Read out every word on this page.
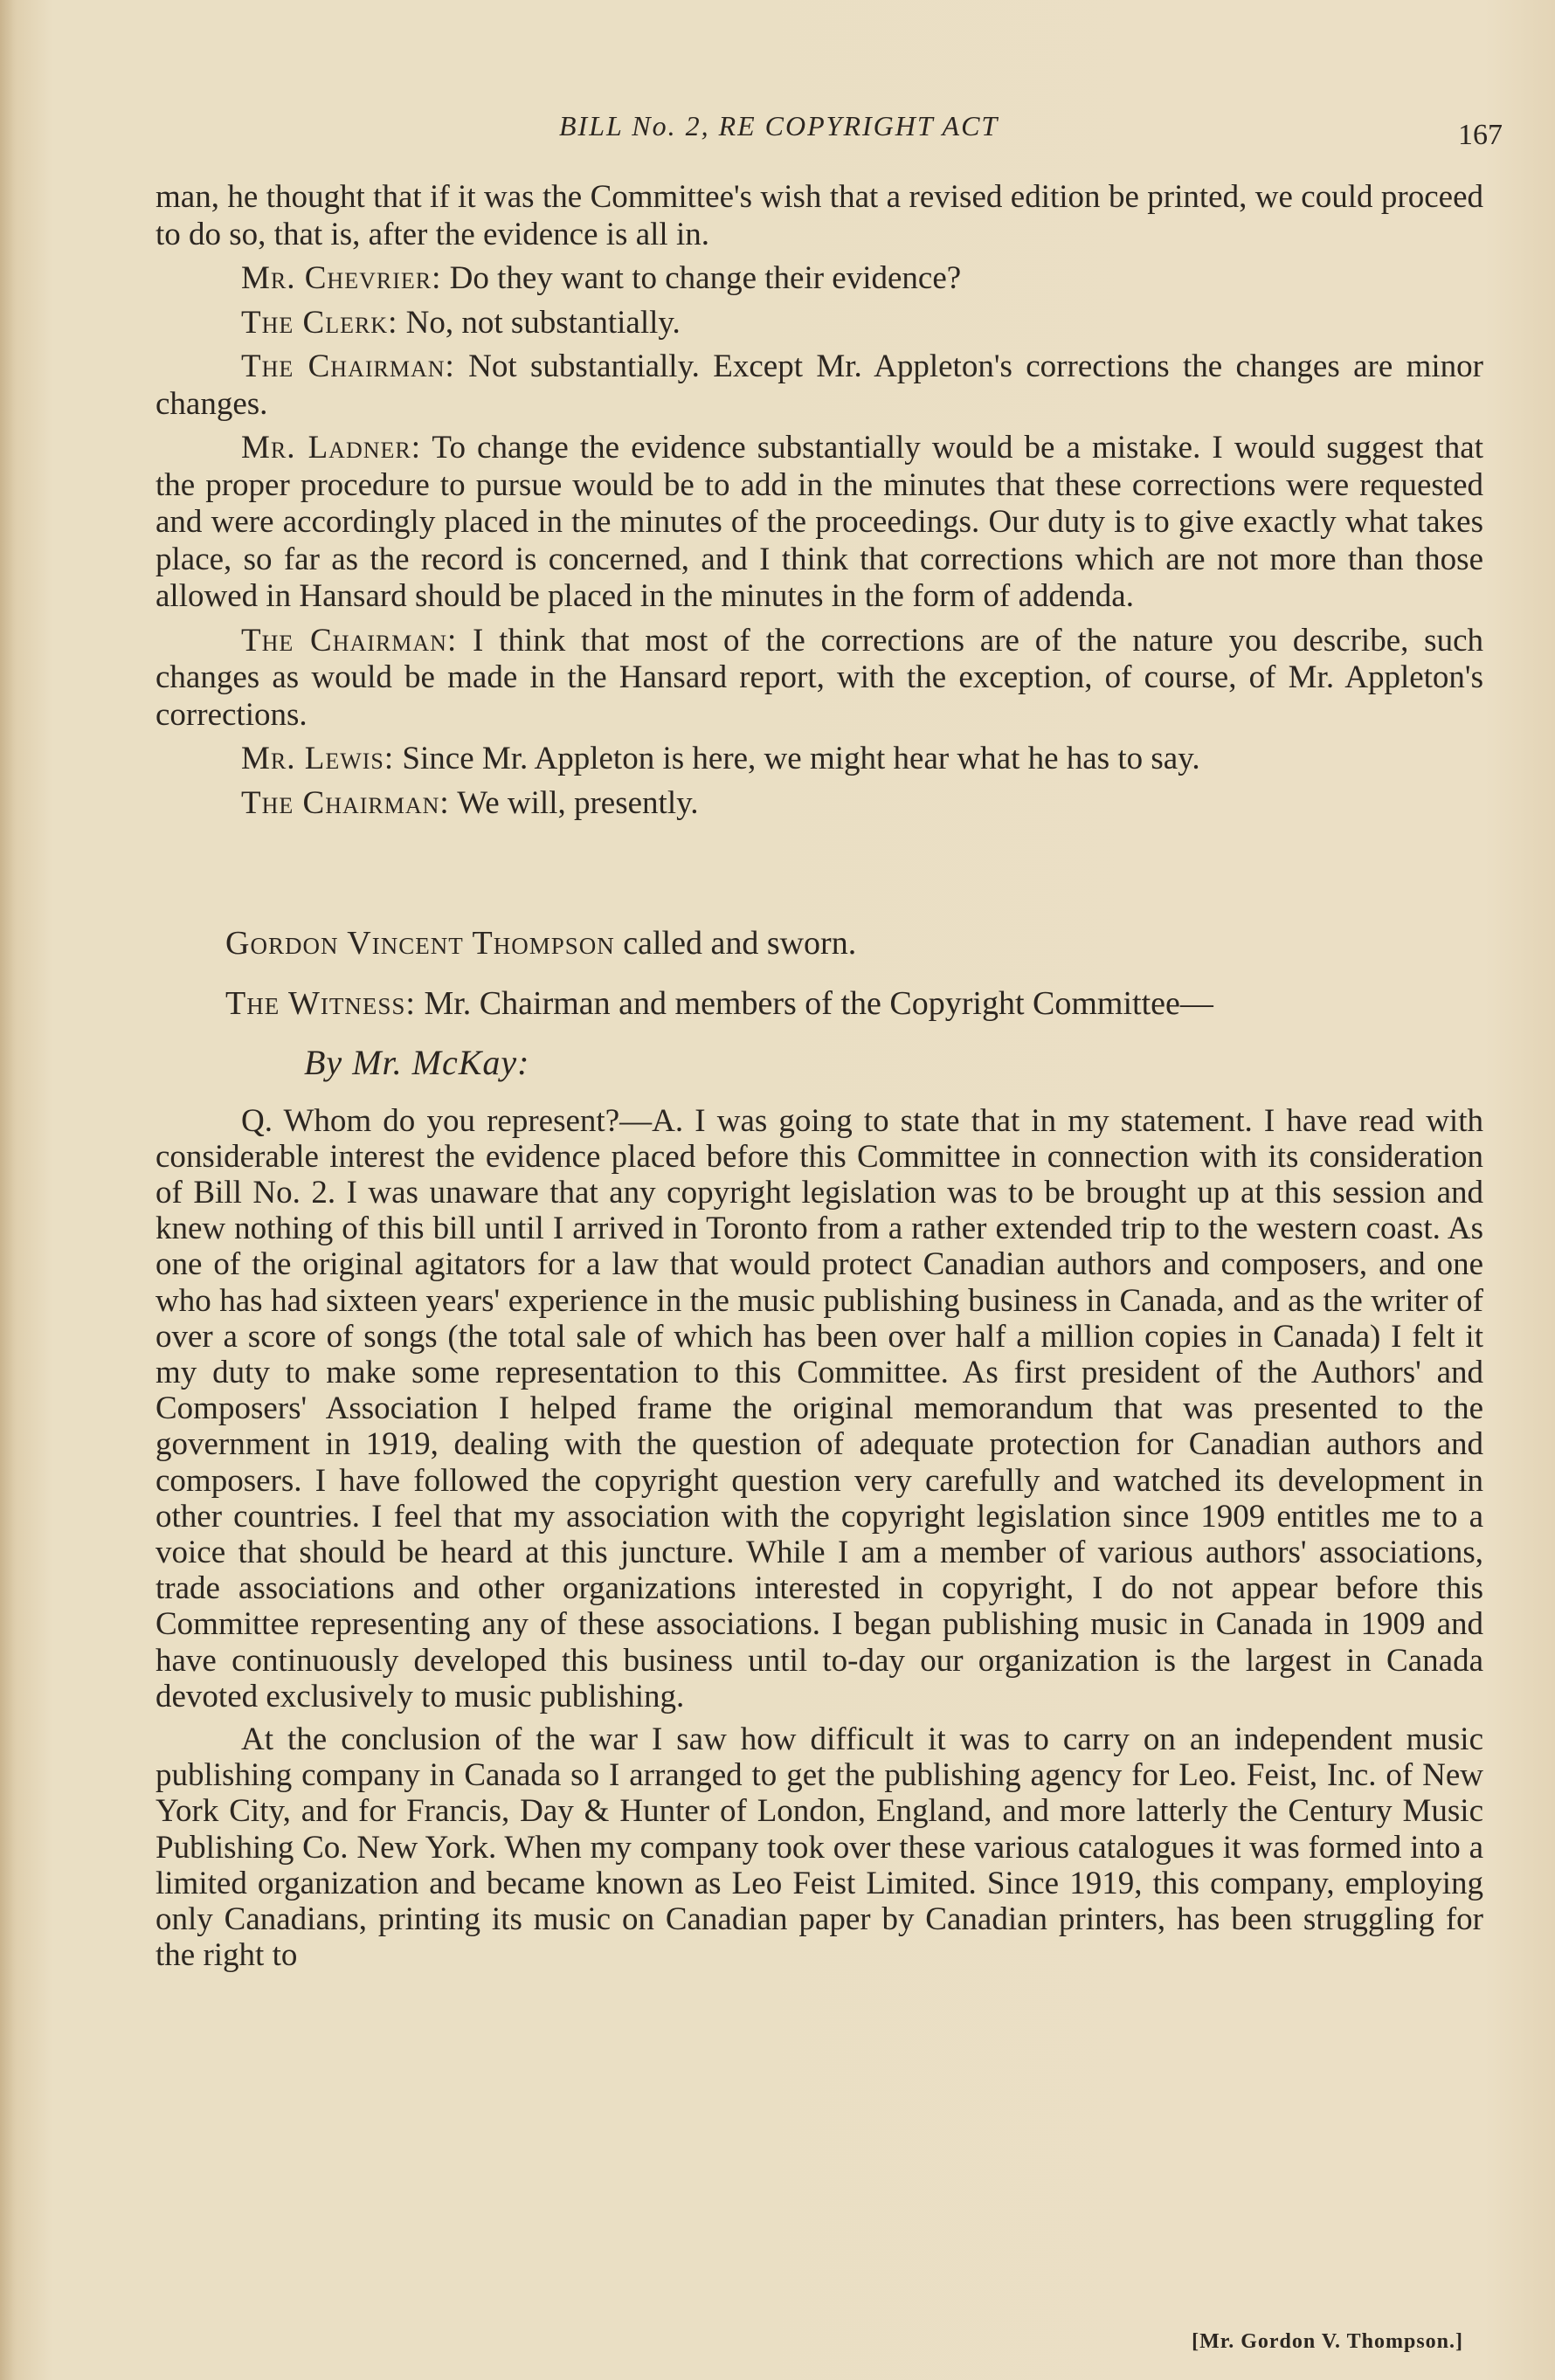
BILL No. 2, RE COPYRIGHT ACT	167

man, he thought that if it was the Committee's wish that a revised edition be printed, we could proceed to do so, that is, after the evidence is all in.

Mr. Chevrier: Do they want to change their evidence?

The Clerk: No, not substantially.

The Chairman: Not substantially. Except Mr. Appleton's corrections the changes are minor changes.

Mr. Ladner: To change the evidence substantially would be a mistake. I would suggest that the proper procedure to pursue would be to add in the minutes that these corrections were requested and were accordingly placed in the minutes of the proceedings. Our duty is to give exactly what takes place, so far as the record is concerned, and I think that corrections which are not more than those allowed in Hansard should be placed in the minutes in the form of addenda.

The Chairman: I think that most of the corrections are of the nature you describe, such changes as would be made in the Hansard report, with the exception, of course, of Mr. Appleton's corrections.

Mr. Lewis: Since Mr. Appleton is here, we might hear what he has to say.

The Chairman: We will, presently.

Gordon Vincent Thompson called and sworn.

The Witness: Mr. Chairman and members of the Copyright Committee—

By Mr. McKay:

Q. Whom do you represent?—A. I was going to state that in my statement. I have read with considerable interest the evidence placed before this Committee in connection with its consideration of Bill No. 2. I was unaware that any copyright legislation was to be brought up at this session and knew nothing of this bill until I arrived in Toronto from a rather extended trip to the western coast. As one of the original agitators for a law that would protect Canadian authors and composers, and one who has had sixteen years' experience in the music publishing business in Canada, and as the writer of over a score of songs (the total sale of which has been over half a million copies in Canada) I felt it my duty to make some representation to this Committee. As first president of the Authors' and Composers' Association I helped frame the original memorandum that was presented to the government in 1919, dealing with the question of adequate protection for Canadian authors and composers. I have followed the copyright question very carefully and watched its development in other countries. I feel that my association with the copyright legislation since 1909 entitles me to a voice that should be heard at this juncture. While I am a member of various authors' associations, trade associations and other organizations interested in copyright, I do not appear before this Committee representing any of these associations. I began publishing music in Canada in 1909 and have continuously developed this business until to-day our organization is the largest in Canada devoted exclusively to music publishing.

At the conclusion of the war I saw how difficult it was to carry on an independent music publishing company in Canada so I arranged to get the publishing agency for Leo. Feist, Inc. of New York City, and for Francis, Day & Hunter of London, England, and more latterly the Century Music Publishing Co. New York. When my company took over these various catalogues it was formed into a limited organization and became known as Leo Feist Limited. Since 1919, this company, employing only Canadians, printing its music on Canadian paper by Canadian printers, has been struggling for the right to

[Mr. Gordon V. Thompson.]
